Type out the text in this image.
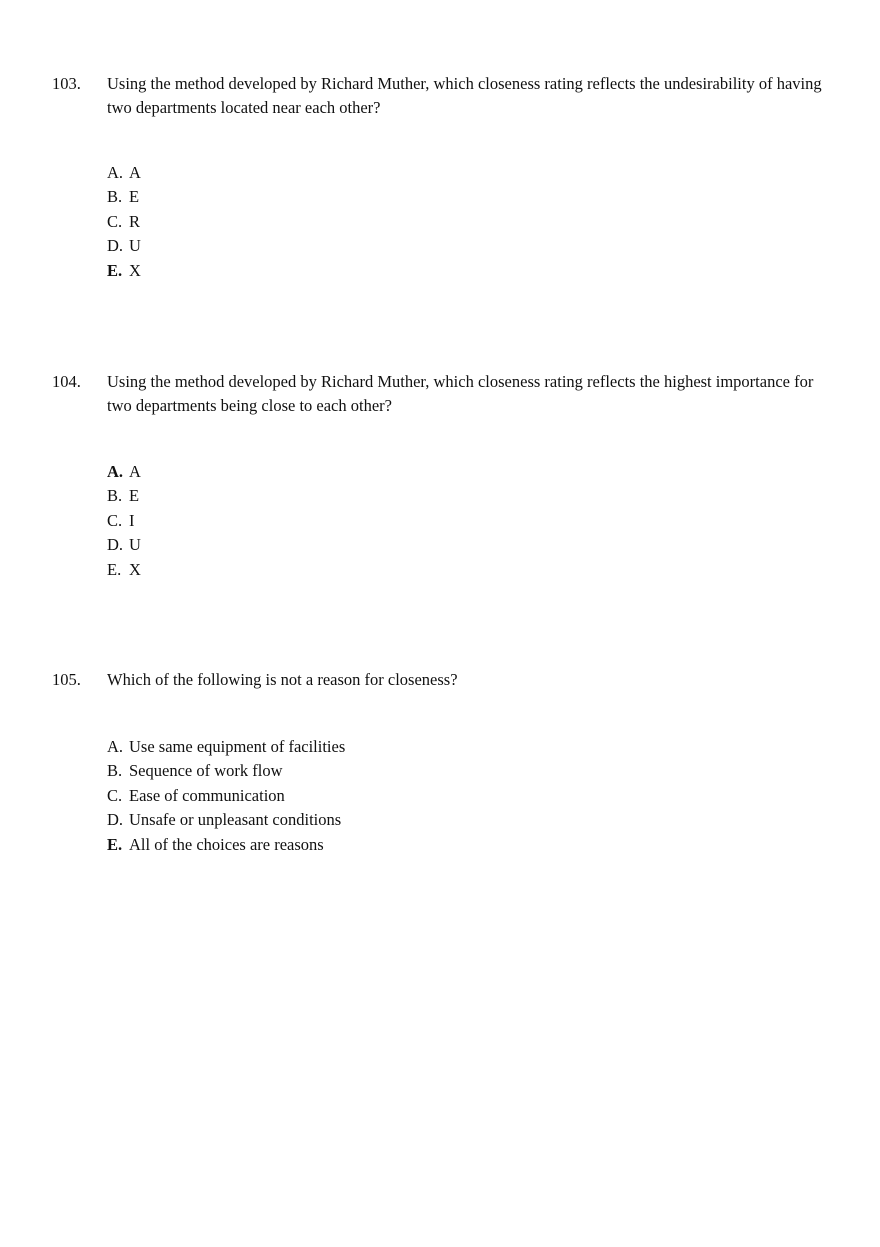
103. Using the method developed by Richard Muther, which closeness rating reflects the undesirability of having two departments located near each other?
A. A
B. E
C. R
D. U
E. X
104. Using the method developed by Richard Muther, which closeness rating reflects the highest importance for two departments being close to each other?
A. A
B. E
C. I
D. U
E. X
105. Which of the following is not a reason for closeness?
A. Use same equipment of facilities
B. Sequence of work flow
C. Ease of communication
D. Unsafe or unpleasant conditions
E. All of the choices are reasons
